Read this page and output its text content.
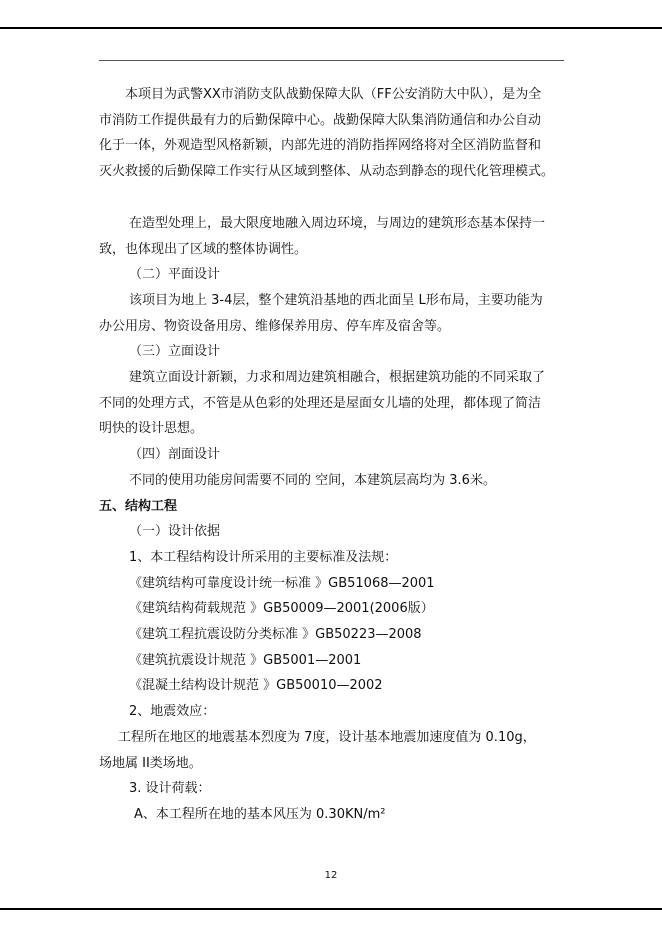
本项目为武警XX市消防支队战勤保障大队（FF公安消防大中队），是为全

市消防工作提供最有力的后勤保障中心。战勤保障大队集消防通信和办公自动

化于一体，外观造型风格新颖，内部先进的消防指挥网络将对全区消防监督和

灭火救援的后勤保障工作实行从区域到整体、从动态到静态的现代化管理模式。

在造型处理上，最大限度地融入周边环境，与周边的建筑形态基本保持一

致，也体现出了区域的整体协调性。

（二）平面设计

该项目为地上 3-4层，整个建筑沿基地的西北面呈 L形布局，主要功能为

办公用房、物资设备用房、维修保养用房、停车库及宿舍等。

（三）立面设计

建筑立面设计新颖，力求和周边建筑相融合，根据建筑功能的不同采取了

不同的处理方式，不管是从色彩的处理还是屋面女儿墙的处理，都体现了简洁

明快的设计思想。

（四）剖面设计

不同的使用功能房间需要不同的 空间，本建筑层高均为 3.6米。

五、结构工程

（一）设计依据

1、本工程结构设计所采用的主要标准及法规：

《建筑结构可靠度设计统一标准 》GB51068—2001

《建筑结构荷载规范 》GB50009—2001(2006版）

《建筑工程抗震设防分类标准 》GB50223—2008

《建筑抗震设计规范 》GB5001—2001

《混凝土结构设计规范 》GB50010—2002

2、地震效应：

工程所在地区的地震基本烈度为 7度，设计基本地震加速度值为 0.10g，

场地属 II类场地。

3. 设计荷载：

A、本工程所在地的基本风压为 0.30KN/m²

12
